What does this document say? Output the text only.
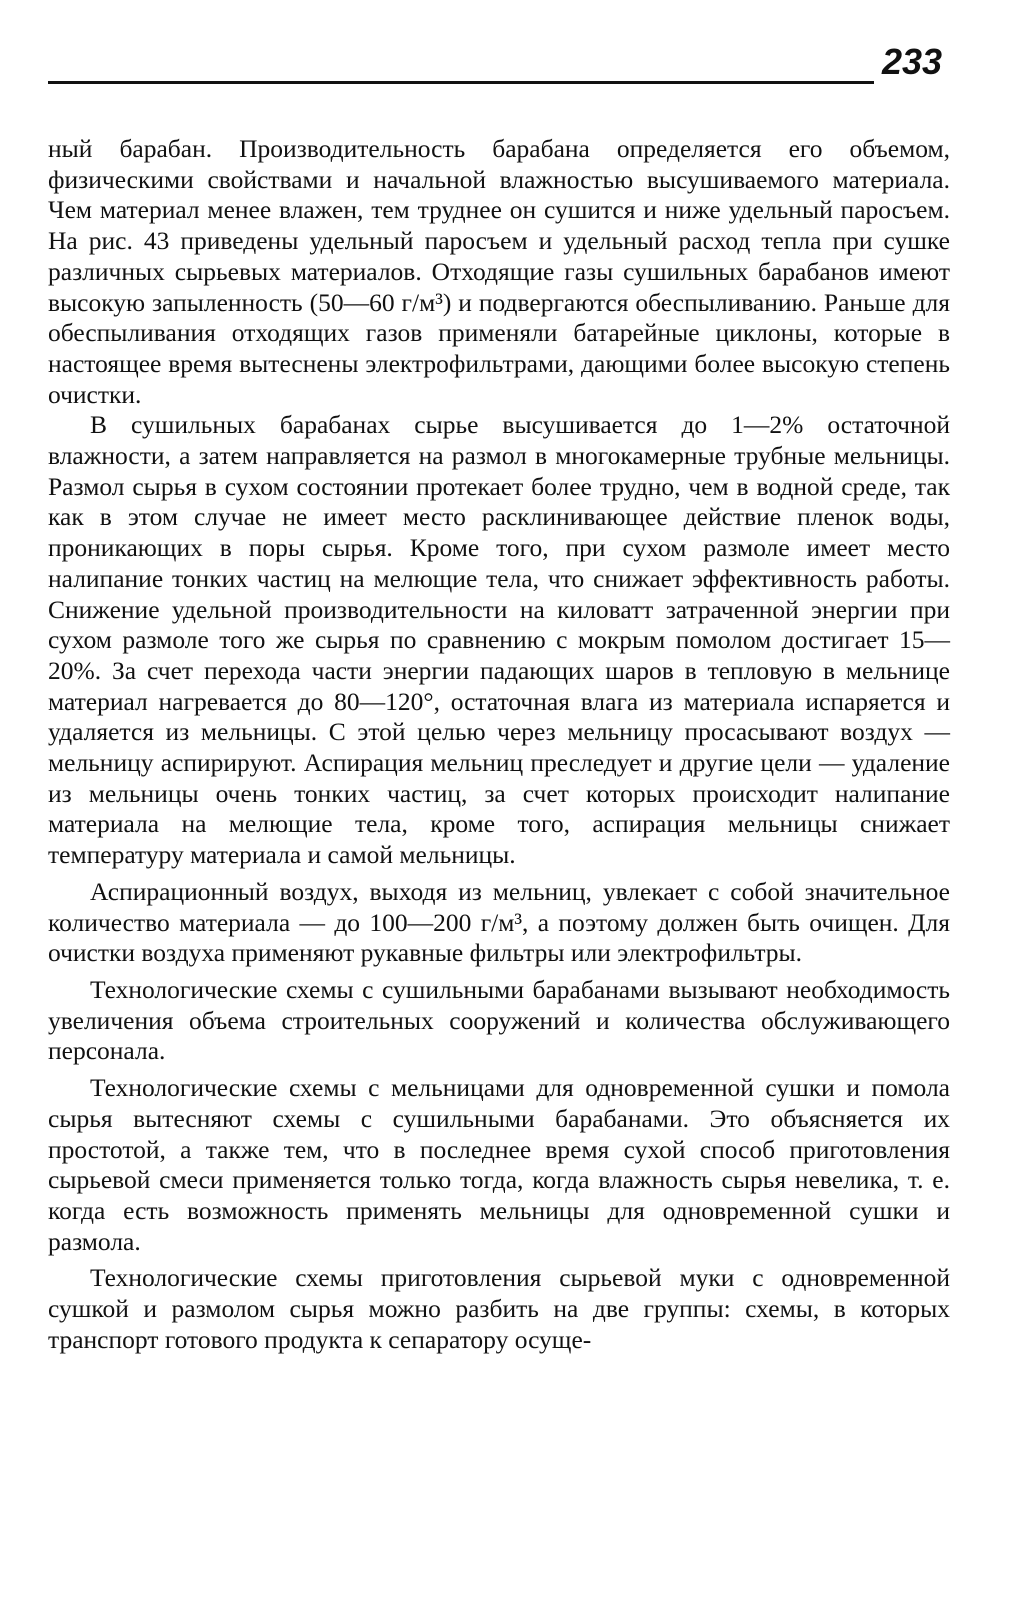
233

ный барабан. Производительность барабана определяется его объемом, физическими свойствами и начальной влажностью высушиваемого материала. Чем материал менее влажен, тем труднее он сушится и ниже удельный паросъем. На рис. 43 приведены удельный паросъем и удельный расход тепла при сушке различных сырьевых материалов. Отходящие газы сушильных барабанов имеют высокую запыленность (50—60 г/м³) и подвергаются обеспыливанию. Раньше для обеспыливания отходящих газов применяли батарейные циклоны, которые в настоящее время вытеснены электрофильтрами, дающими более высокую степень очистки.

В сушильных барабанах сырье высушивается до 1—2% остаточной влажности, а затем направляется на размол в многокамерные трубные мельницы. Размол сырья в сухом состоянии протекает более трудно, чем в водной среде, так как в этом случае не имеет место расклинивающее действие пленок воды, проникающих в поры сырья. Кроме того, при сухом размоле имеет место налипание тонких частиц на мелющие тела, что снижает эффективность работы. Снижение удельной производительности на киловатт затраченной энергии при сухом размоле того же сырья по сравнению с мокрым помолом достигает 15—20%. За счет перехода части энергии падающих шаров в тепловую в мельнице материал нагревается до 80—120°, остаточная влага из материала испаряется и удаляется из мельницы. С этой целью через мельницу просасывают воздух — мельницу аспирируют. Аспирация мельниц преследует и другие цели — удаление из мельницы очень тонких частиц, за счет которых происходит налипание материала на мелющие тела, кроме того, аспирация мельницы снижает температуру материала и самой мельницы.

Аспирационный воздух, выходя из мельниц, увлекает с собой значительное количество материала — до 100—200 г/м³, а поэтому должен быть очищен. Для очистки воздуха применяют рукавные фильтры или электрофильтры.

Технологические схемы с сушильными барабанами вызывают необходимость увеличения объема строительных сооружений и количества обслуживающего персонала.

Технологические схемы с мельницами для одновременной сушки и помола сырья вытесняют схемы с сушильными барабанами. Это объясняется их простотой, а также тем, что в последнее время сухой способ приготовления сырьевой смеси применяется только тогда, когда влажность сырья невелика, т. е. когда есть возможность применять мельницы для одновременной сушки и размола.

Технологические схемы приготовления сырьевой муки с одновременной сушкой и размолом сырья можно разбить на две группы: схемы, в которых транспорт готового продукта к сепаратору осуще-
